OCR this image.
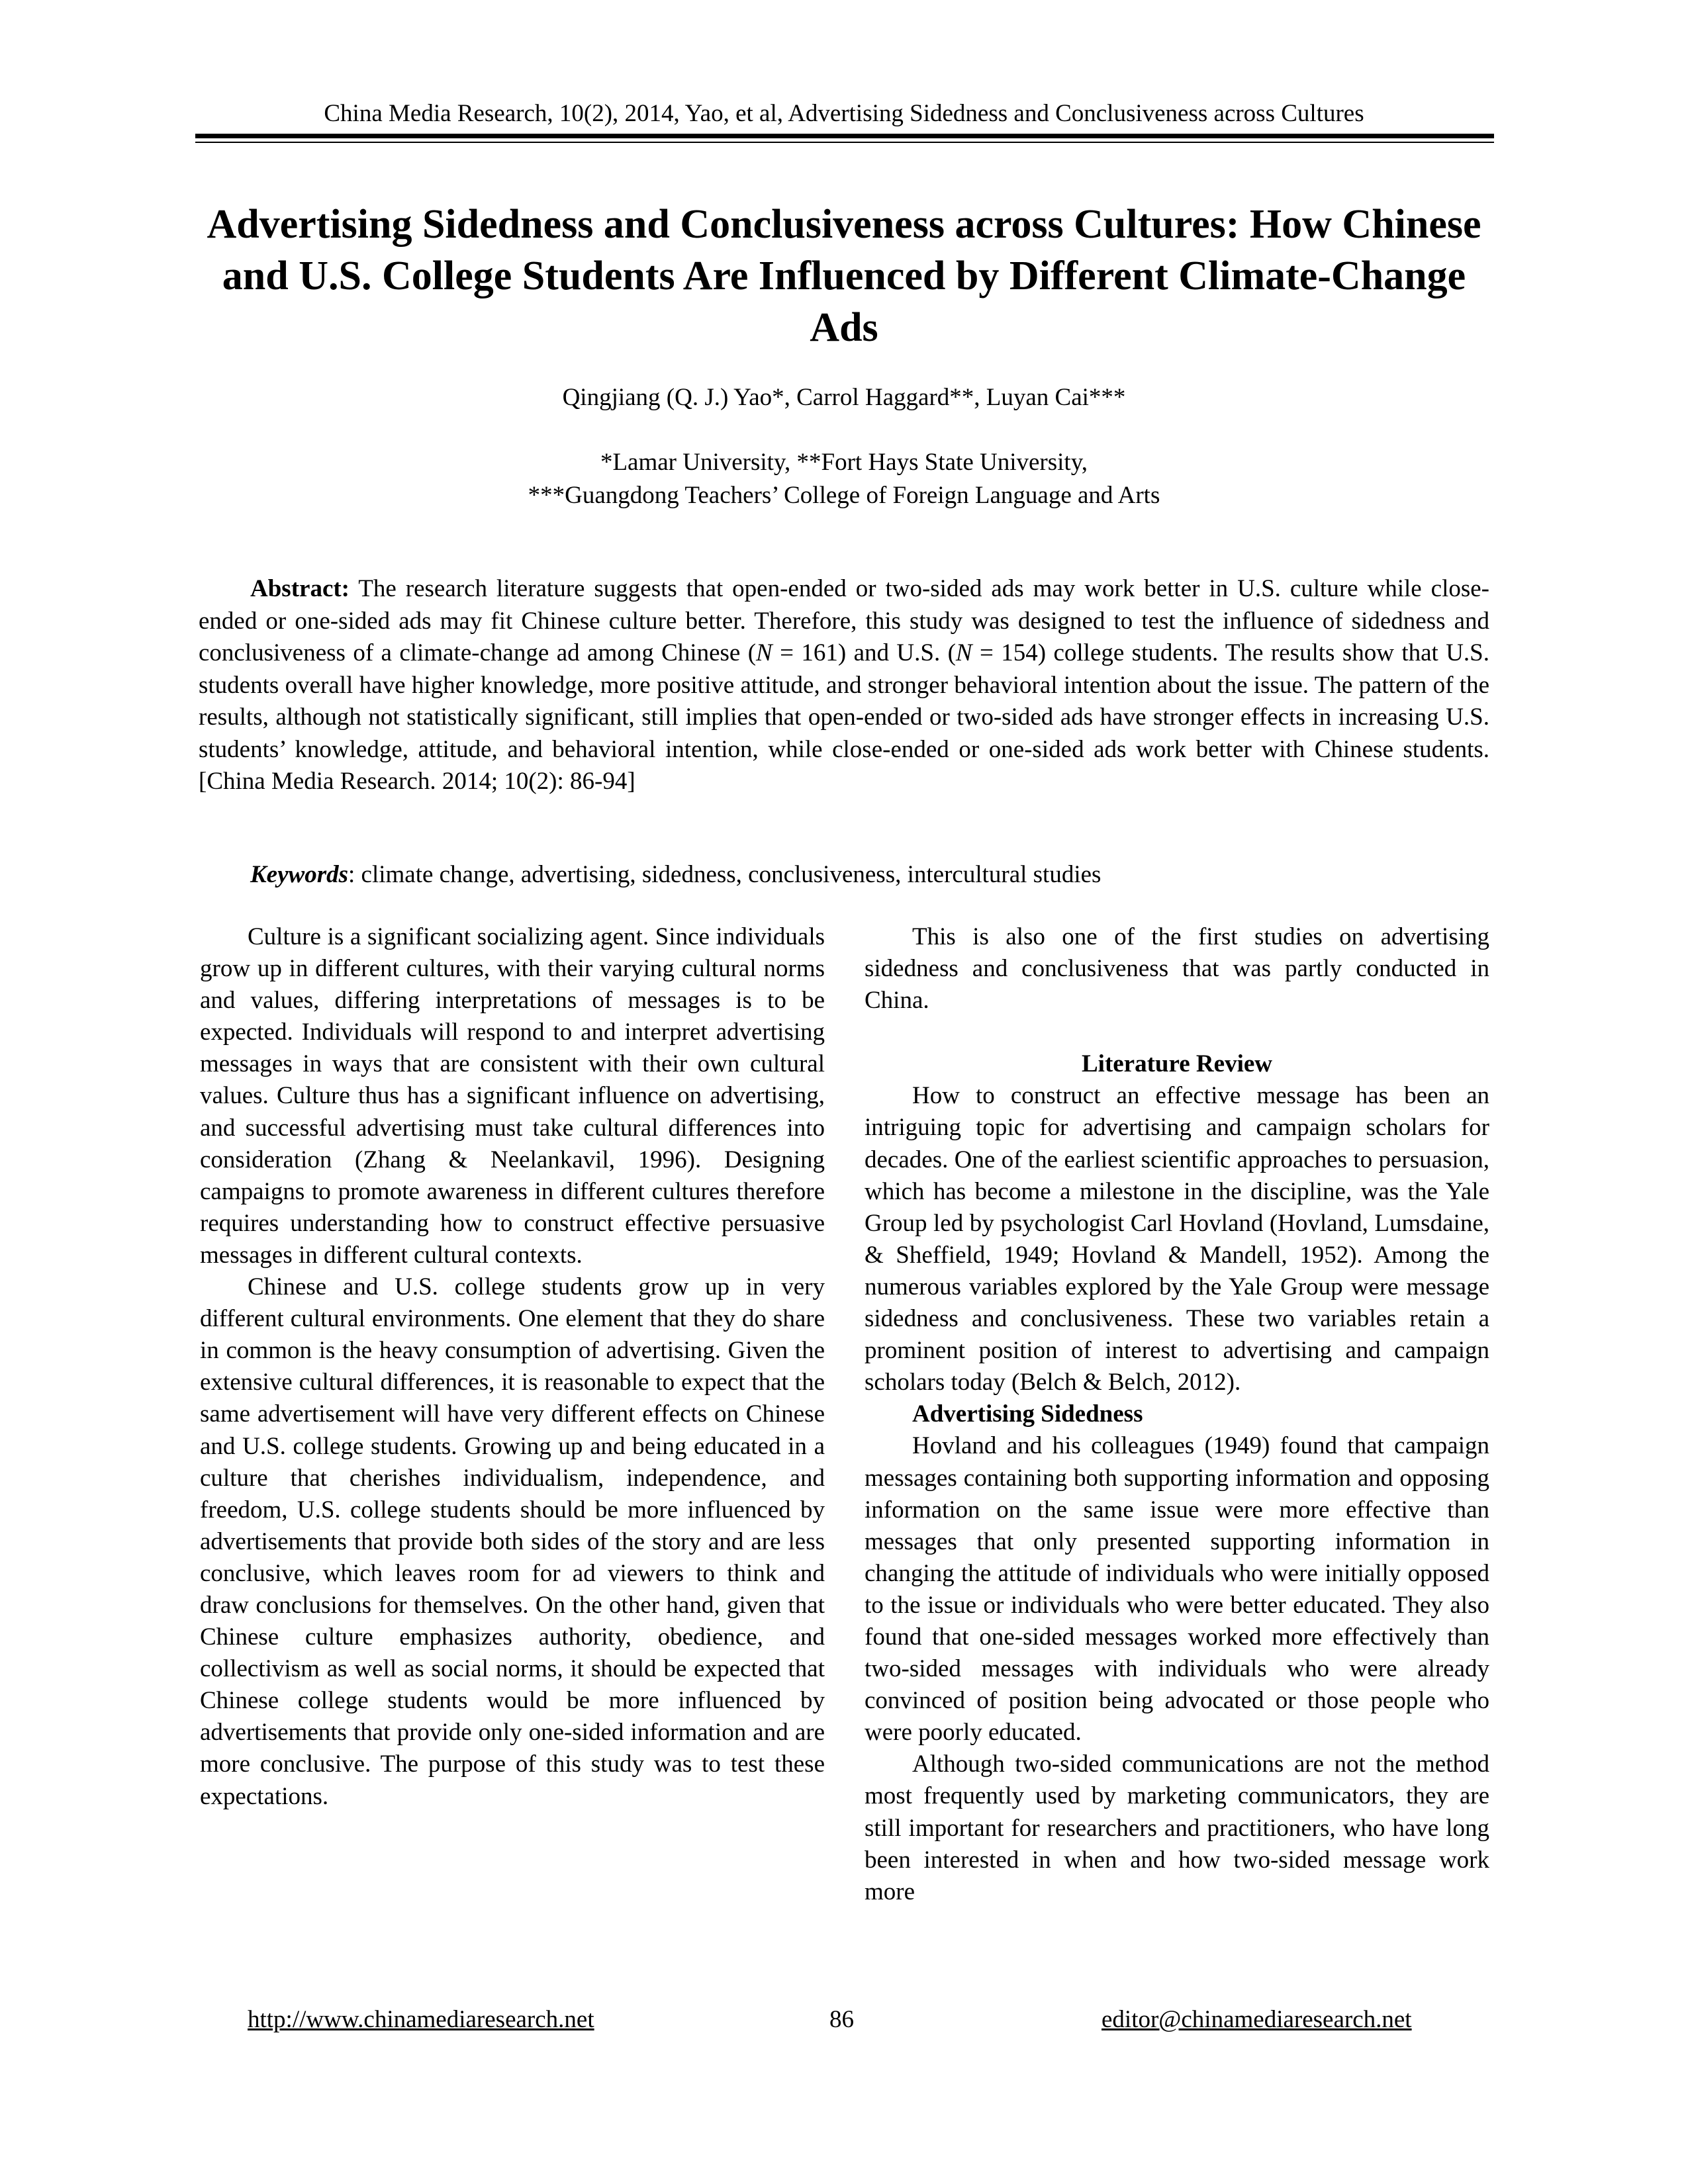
China Media Research, 10(2), 2014, Yao, et al, Advertising Sidedness and Conclusiveness across Cultures
Advertising Sidedness and Conclusiveness across Cultures: How Chinese and U.S. College Students Are Influenced by Different Climate-Change Ads
Qingjiang (Q. J.) Yao*, Carrol Haggard**, Luyan Cai***
*Lamar University, **Fort Hays State University,
***Guangdong Teachers’ College of Foreign Language and Arts
Abstract: The research literature suggests that open-ended or two-sided ads may work better in U.S. culture while close-ended or one-sided ads may fit Chinese culture better. Therefore, this study was designed to test the influence of sidedness and conclusiveness of a climate-change ad among Chinese (N = 161) and U.S. (N = 154) college students. The results show that U.S. students overall have higher knowledge, more positive attitude, and stronger behavioral intention about the issue. The pattern of the results, although not statistically significant, still implies that open-ended or two-sided ads have stronger effects in increasing U.S. students’ knowledge, attitude, and behavioral intention, while close-ended or one-sided ads work better with Chinese students. [China Media Research. 2014; 10(2): 86-94]
Keywords: climate change, advertising, sidedness, conclusiveness, intercultural studies

Culture is a significant socializing agent. Since individuals grow up in different cultures, with their varying cultural norms and values, differing interpretations of messages is to be expected. Individuals will respond to and interpret advertising messages in ways that are consistent with their own cultural values. Culture thus has a significant influence on advertising, and successful advertising must take cultural differences into consideration (Zhang & Neelankavil, 1996). Designing campaigns to promote awareness in different cultures therefore requires understanding how to construct effective persuasive messages in different cultural contexts.

Chinese and U.S. college students grow up in very different cultural environments. One element that they do share in common is the heavy consumption of advertising. Given the extensive cultural differences, it is reasonable to expect that the same advertisement will have very different effects on Chinese and U.S. college students. Growing up and being educated in a culture that cherishes individualism, independence, and freedom, U.S. college students should be more influenced by advertisements that provide both sides of the story and are less conclusive, which leaves room for ad viewers to think and draw conclusions for themselves. On the other hand, given that Chinese culture emphasizes authority, obedience, and collectivism as well as social norms, it should be expected that Chinese college students would be more influenced by advertisements that provide only one-sided information and are more conclusive. The purpose of this study was to test these expectations.

This is also one of the first studies on advertising sidedness and conclusiveness that was partly conducted in China.

Literature Review

How to construct an effective message has been an intriguing topic for advertising and campaign scholars for decades. One of the earliest scientific approaches to persuasion, which has become a milestone in the discipline, was the Yale Group led by psychologist Carl Hovland (Hovland, Lumsdaine, & Sheffield, 1949; Hovland & Mandell, 1952). Among the numerous variables explored by the Yale Group were message sidedness and conclusiveness. These two variables retain a prominent position of interest to advertising and campaign scholars today (Belch & Belch, 2012).

Advertising Sidedness

Hovland and his colleagues (1949) found that campaign messages containing both supporting information and opposing information on the same issue were more effective than messages that only presented supporting information in changing the attitude of individuals who were initially opposed to the issue or individuals who were better educated. They also found that one-sided messages worked more effectively than two-sided messages with individuals who were already convinced of position being advocated or those people who were poorly educated.

Although two-sided communications are not the method most frequently used by marketing communicators, they are still important for researchers and practitioners, who have long been interested in when and how two-sided message work more

http://www.chinamediaresearch.net	86	editor@chinamediaresearch.net
